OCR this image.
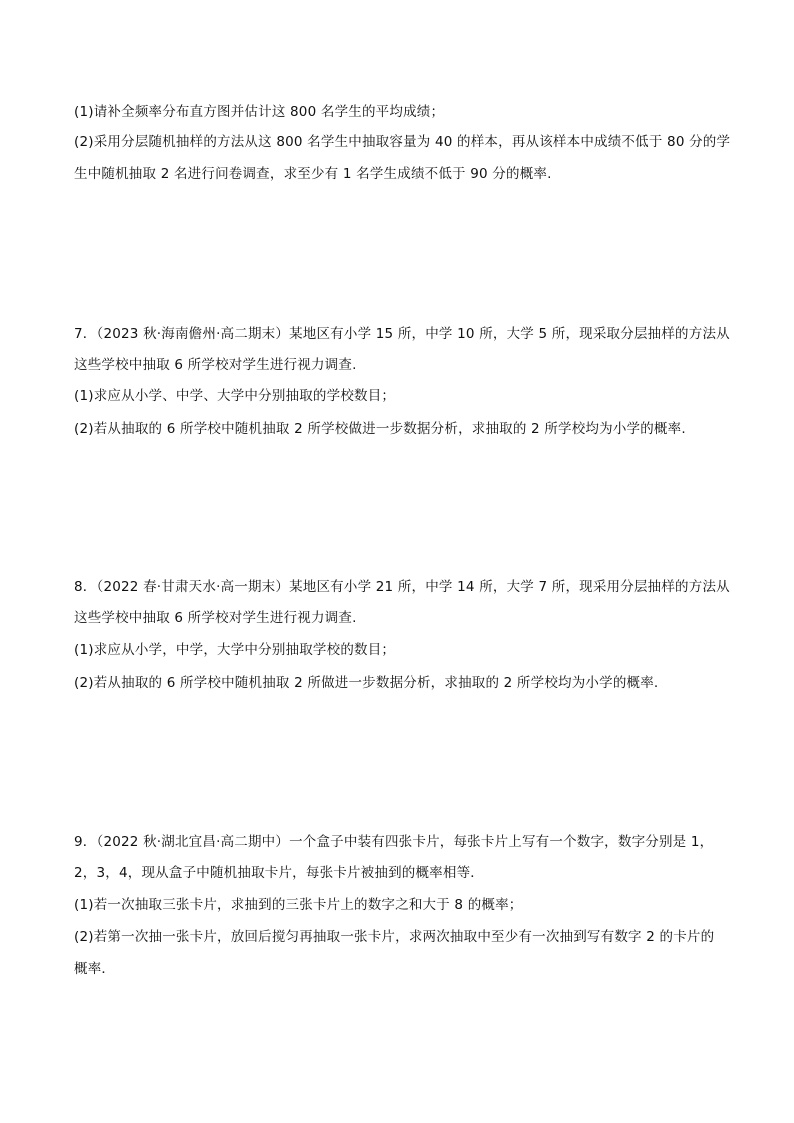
(1)请补全频率分布直方图并估计这 800 名学生的平均成绩；
(2)采用分层随机抽样的方法从这 800 名学生中抽取容量为 40 的样本，再从该样本中成绩不低于 80 分的学
生中随机抽取 2 名进行问卷调查，求至少有 1 名学生成绩不低于 90 分的概率.
7．（2023 秋·海南儋州·高二期末）某地区有小学 15 所，中学 10 所，大学 5 所，现采取分层抽样的方法从
这些学校中抽取 6 所学校对学生进行视力调查.
(1)求应从小学、中学、大学中分别抽取的学校数目；
(2)若从抽取的 6 所学校中随机抽取 2 所学校做进一步数据分析，求抽取的 2 所学校均为小学的概率.
8．（2022 春·甘肃天水·高一期末）某地区有小学 21 所，中学 14 所，大学 7 所，现采用分层抽样的方法从
这些学校中抽取 6 所学校对学生进行视力调查.
(1)求应从小学，中学，大学中分别抽取学校的数目；
(2)若从抽取的 6 所学校中随机抽取 2 所做进一步数据分析，求抽取的 2 所学校均为小学的概率.
9．（2022 秋·湖北宜昌·高二期中）一个盒子中装有四张卡片，每张卡片上写有一个数字，数字分别是 1，
2，3，4，现从盒子中随机抽取卡片，每张卡片被抽到的概率相等．
(1)若一次抽取三张卡片，求抽到的三张卡片上的数字之和大于 8 的概率；
(2)若第一次抽一张卡片，放回后搅匀再抽取一张卡片，求两次抽取中至少有一次抽到写有数字 2 的卡片的
概率．
